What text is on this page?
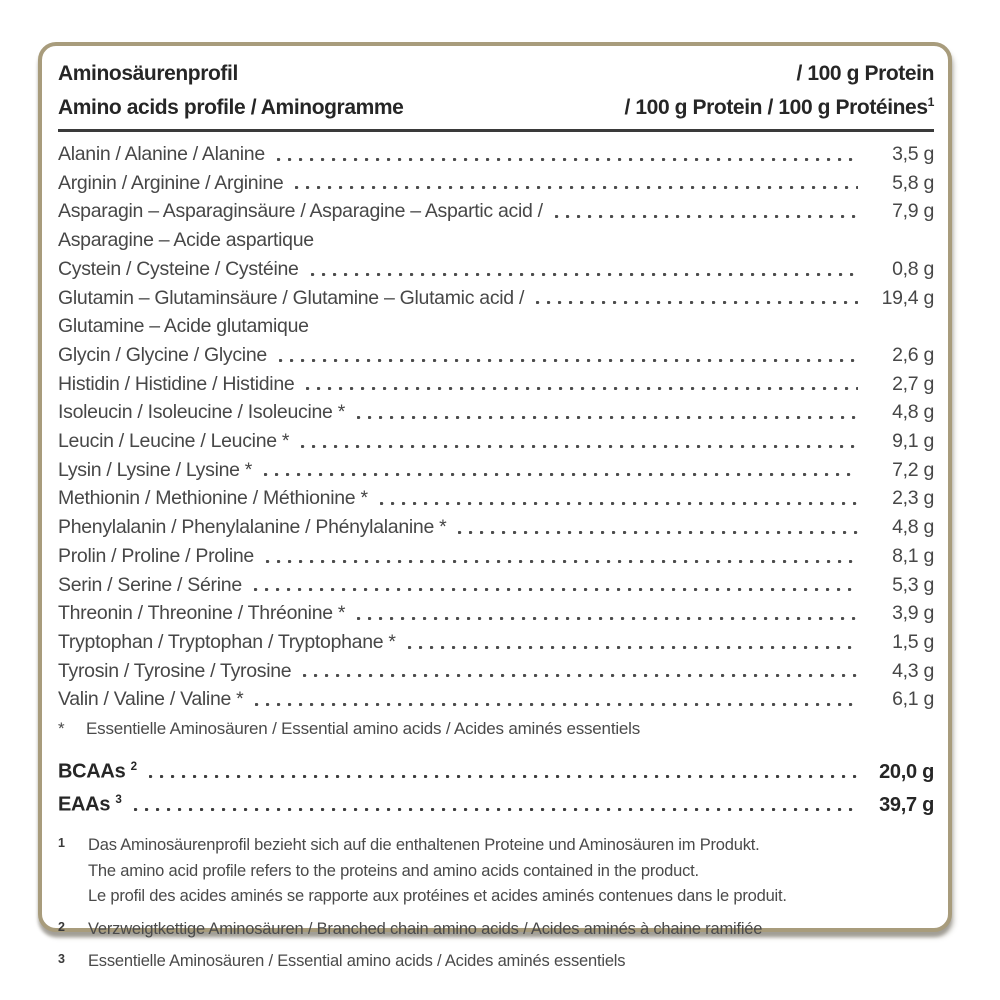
Aminosäurenprofil	/ 100 g Protein
Amino acids profile / Aminogramme	/ 100 g Protein / 100 g Protéines$^1$
Alanin / Alanine / Alanine	3,5 g
Arginin / Arginine / Arginine	5,8 g
Asparagin – Asparaginsäure / Asparagine – Aspartic acid /	7,9 g
Asparagine – Acide aspartique
Cystein / Cysteine / Cystéine	0,8 g
Glutamin – Glutaminsäure / Glutamine – Glutamic acid /	19,4 g
Glutamine – Acide glutamique
Glycin / Glycine / Glycine	2,6 g
Histidin / Histidine / Histidine	2,7 g
Isoleucin / Isoleucine / Isoleucine *	4,8 g
Leucin / Leucine / Leucine *	9,1 g
Lysin / Lysine / Lysine *	7,2 g
Methionin / Methionine / Méthionine *	2,3 g
Phenylalanin / Phenylalanine / Phénylalanine *	4,8 g
Prolin / Proline / Proline	8,1 g
Serin / Serine / Sérine	5,3 g
Threonin / Threonine / Thréonine *	3,9 g
Tryptophan / Tryptophan / Tryptophane *	1,5 g
Tyrosin / Tyrosine / Tyrosine	4,3 g
Valin / Valine / Valine *	6,1 g
*	Essentielle Aminosäuren / Essential amino acids / Acides aminés essentiels
BCAAs $^2$	20,0 g
EAAs $^3$	39,7 g
1	Das Aminosäurenprofil bezieht sich auf die enthaltenen Proteine und Aminosäuren im Produkt.
The amino acid profile refers to the proteins and amino acids contained in the product.
Le profil des acides aminés se rapporte aux protéines et acides aminés contenues dans le produit.
2	Verzweigtkettige Aminosäuren / Branched chain amino acids / Acides aminés à chaine ramifiée
3	Essentielle Aminosäuren / Essential amino acids / Acides aminés essentiels
